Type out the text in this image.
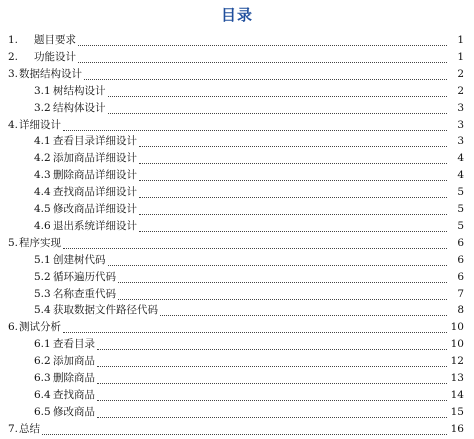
目录
1. 题目要求	1
2. 功能设计	1
3. 数据结构设计	2
3.1 树结构设计	2
3.2 结构体设计	3
4. 详细设计	3
4.1 查看目录详细设计	3
4.2 添加商品详细设计	4
4.3 删除商品详细设计	4
4.4 查找商品详细设计	5
4.5 修改商品详细设计	5
4.6 退出系统详细设计	5
5. 程序实现	6
5.1 创建树代码	6
5.2 循环遍历代码	6
5.3 名称查重代码	7
5.4 获取数据文件路径代码	8
6. 测试分析	10
6.1 查看目录	10
6.2 添加商品	12
6.3 删除商品	13
6.4 查找商品	14
6.5 修改商品	15
7. 总结	16
